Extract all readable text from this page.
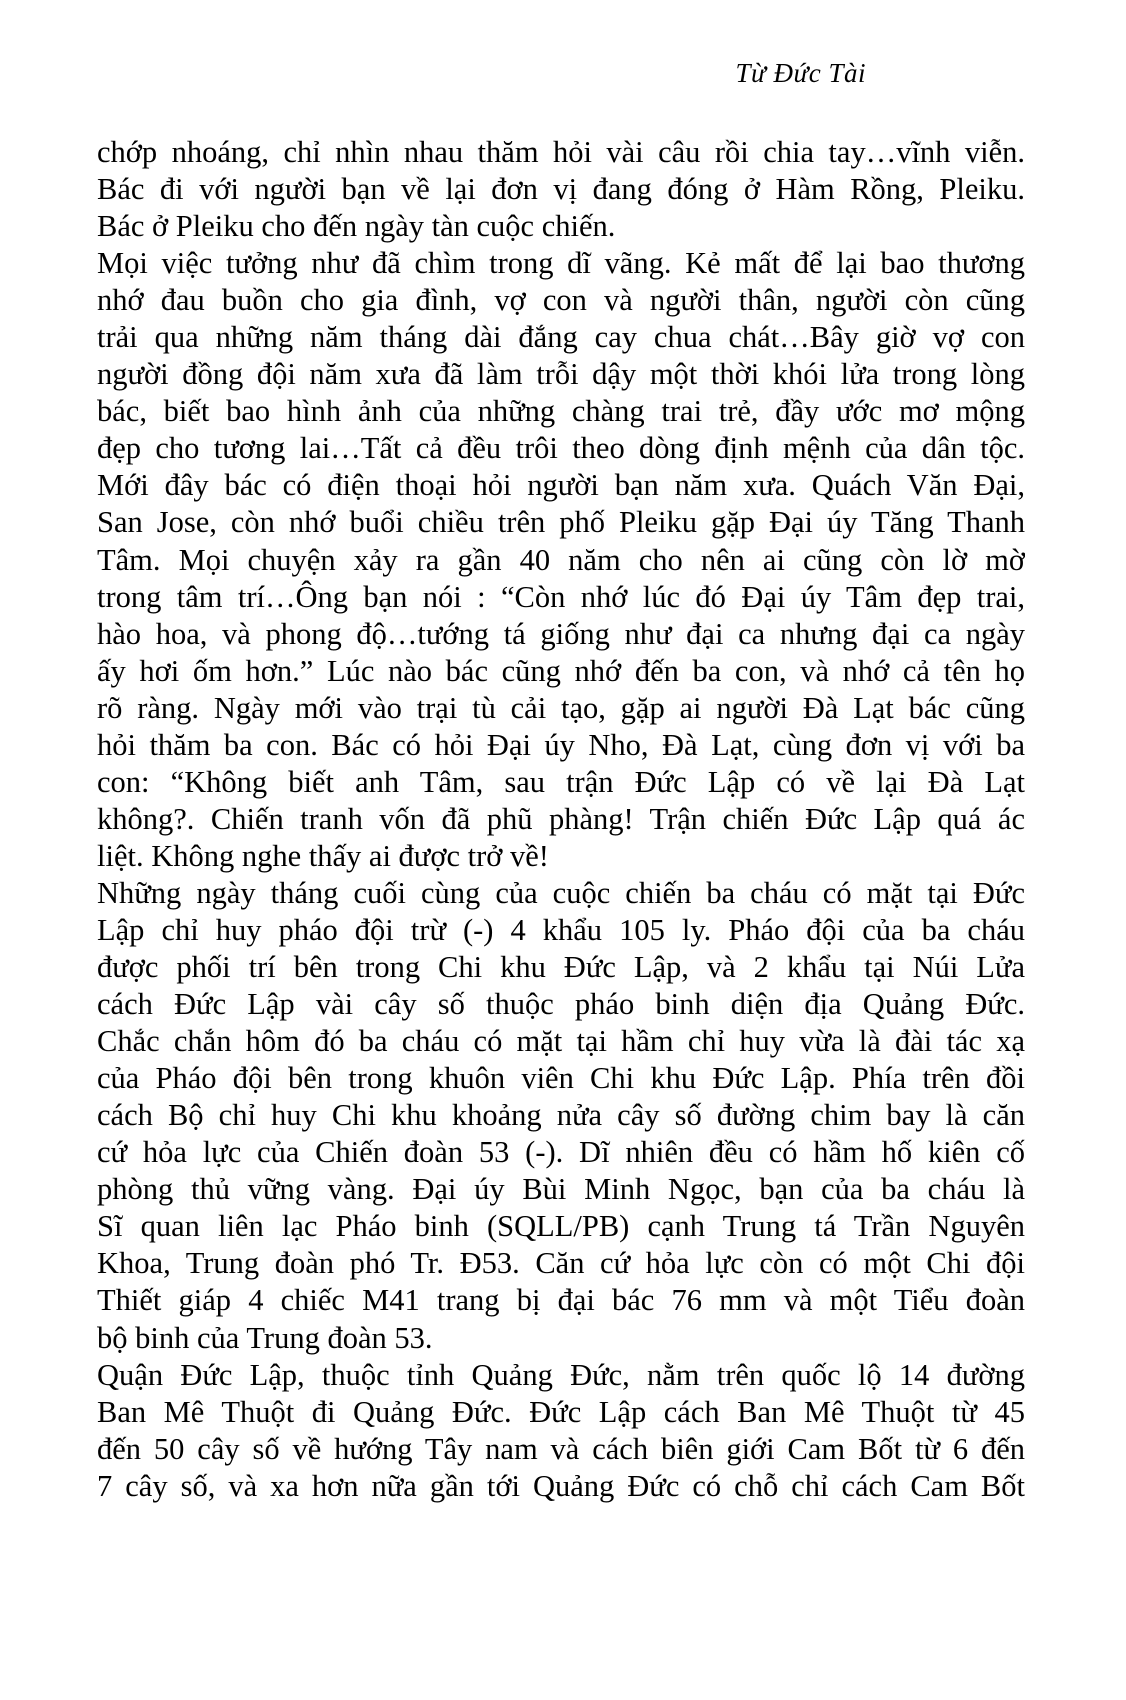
Từ Đức Tài
chớp nhoáng, chỉ nhìn nhau thăm hỏi vài câu rồi chia tay…vĩnh viễn.
Bác đi với người bạn về lại đơn vị đang đóng ở Hàm Rồng, Pleiku.
Bác ở Pleiku cho đến ngày tàn cuộc chiến.
Mọi việc tưởng như đã chìm trong dĩ vãng. Kẻ mất để lại bao thương
nhớ đau buồn cho gia đình, vợ con và người thân, người còn cũng
trải qua những năm tháng dài đắng cay chua chát…Bây giờ vợ con
người đồng đội năm xưa đã làm trỗi dậy một thời khói lửa trong lòng
bác, biết bao hình ảnh của những chàng trai trẻ, đầy ước mơ mộng
đẹp cho tương lai…Tất cả đều trôi theo dòng định mệnh của dân tộc.
Mới đây bác có điện thoại hỏi người bạn năm xưa. Quách Văn Đại,
San Jose, còn nhớ buổi chiều trên phố Pleiku gặp Đại úy Tăng Thanh
Tâm. Mọi chuyện xảy ra gần 40 năm cho nên ai cũng còn lờ mờ
trong tâm trí…Ông bạn nói : “Còn nhớ lúc đó Đại úy Tâm đẹp trai,
hào hoa, và phong độ…tướng tá giống như đại ca nhưng đại ca ngày
ấy hơi ốm hơn.” Lúc nào bác cũng nhớ đến ba con, và nhớ cả tên họ
rõ ràng. Ngày mới vào trại tù cải tạo, gặp ai người Đà Lạt bác cũng
hỏi thăm ba con. Bác có hỏi Đại úy Nho, Đà Lạt, cùng đơn vị với ba
con: “Không biết anh Tâm, sau trận Đức Lập có về lại Đà Lạt
không?. Chiến tranh vốn đã phũ phàng! Trận chiến Đức Lập quá ác
liệt. Không nghe thấy ai được trở về!
Những ngày tháng cuối cùng của cuộc chiến ba cháu có mặt tại Đức
Lập chỉ huy pháo đội trừ (-) 4 khẩu 105 ly. Pháo đội của ba cháu
được phối trí bên trong Chi khu Đức Lập, và 2 khẩu tại Núi Lửa
cách Đức Lập vài cây số thuộc pháo binh diện địa Quảng Đức.
Chắc chắn hôm đó ba cháu có mặt tại hầm chỉ huy vừa là đài tác xạ
của Pháo đội bên trong khuôn viên Chi khu Đức Lập. Phía trên đồi
cách Bộ chỉ huy Chi khu khoảng nửa cây số đường chim bay là căn
cứ hỏa lực của Chiến đoàn 53 (-). Dĩ nhiên đều có hầm hố kiên cố
phòng thủ vững vàng. Đại úy Bùi Minh Ngọc, bạn của ba cháu là
Sĩ quan liên lạc Pháo binh (SQLL/PB) cạnh Trung tá Trần Nguyên
Khoa, Trung đoàn phó Tr. Đ53. Căn cứ hỏa lực còn có một Chi đội
Thiết giáp 4 chiếc M41 trang bị đại bác 76 mm và một Tiểu đoàn
bộ binh của Trung đoàn 53.
Quận Đức Lập, thuộc tỉnh Quảng Đức, nằm trên quốc lộ 14 đường
Ban Mê Thuột đi Quảng Đức. Đức Lập cách Ban Mê Thuột từ 45
đến 50 cây số về hướng Tây nam và cách biên giới Cam Bốt từ 6 đến
7 cây số, và xa hơn nữa gần tới Quảng Đức có chỗ chỉ cách Cam Bốt
